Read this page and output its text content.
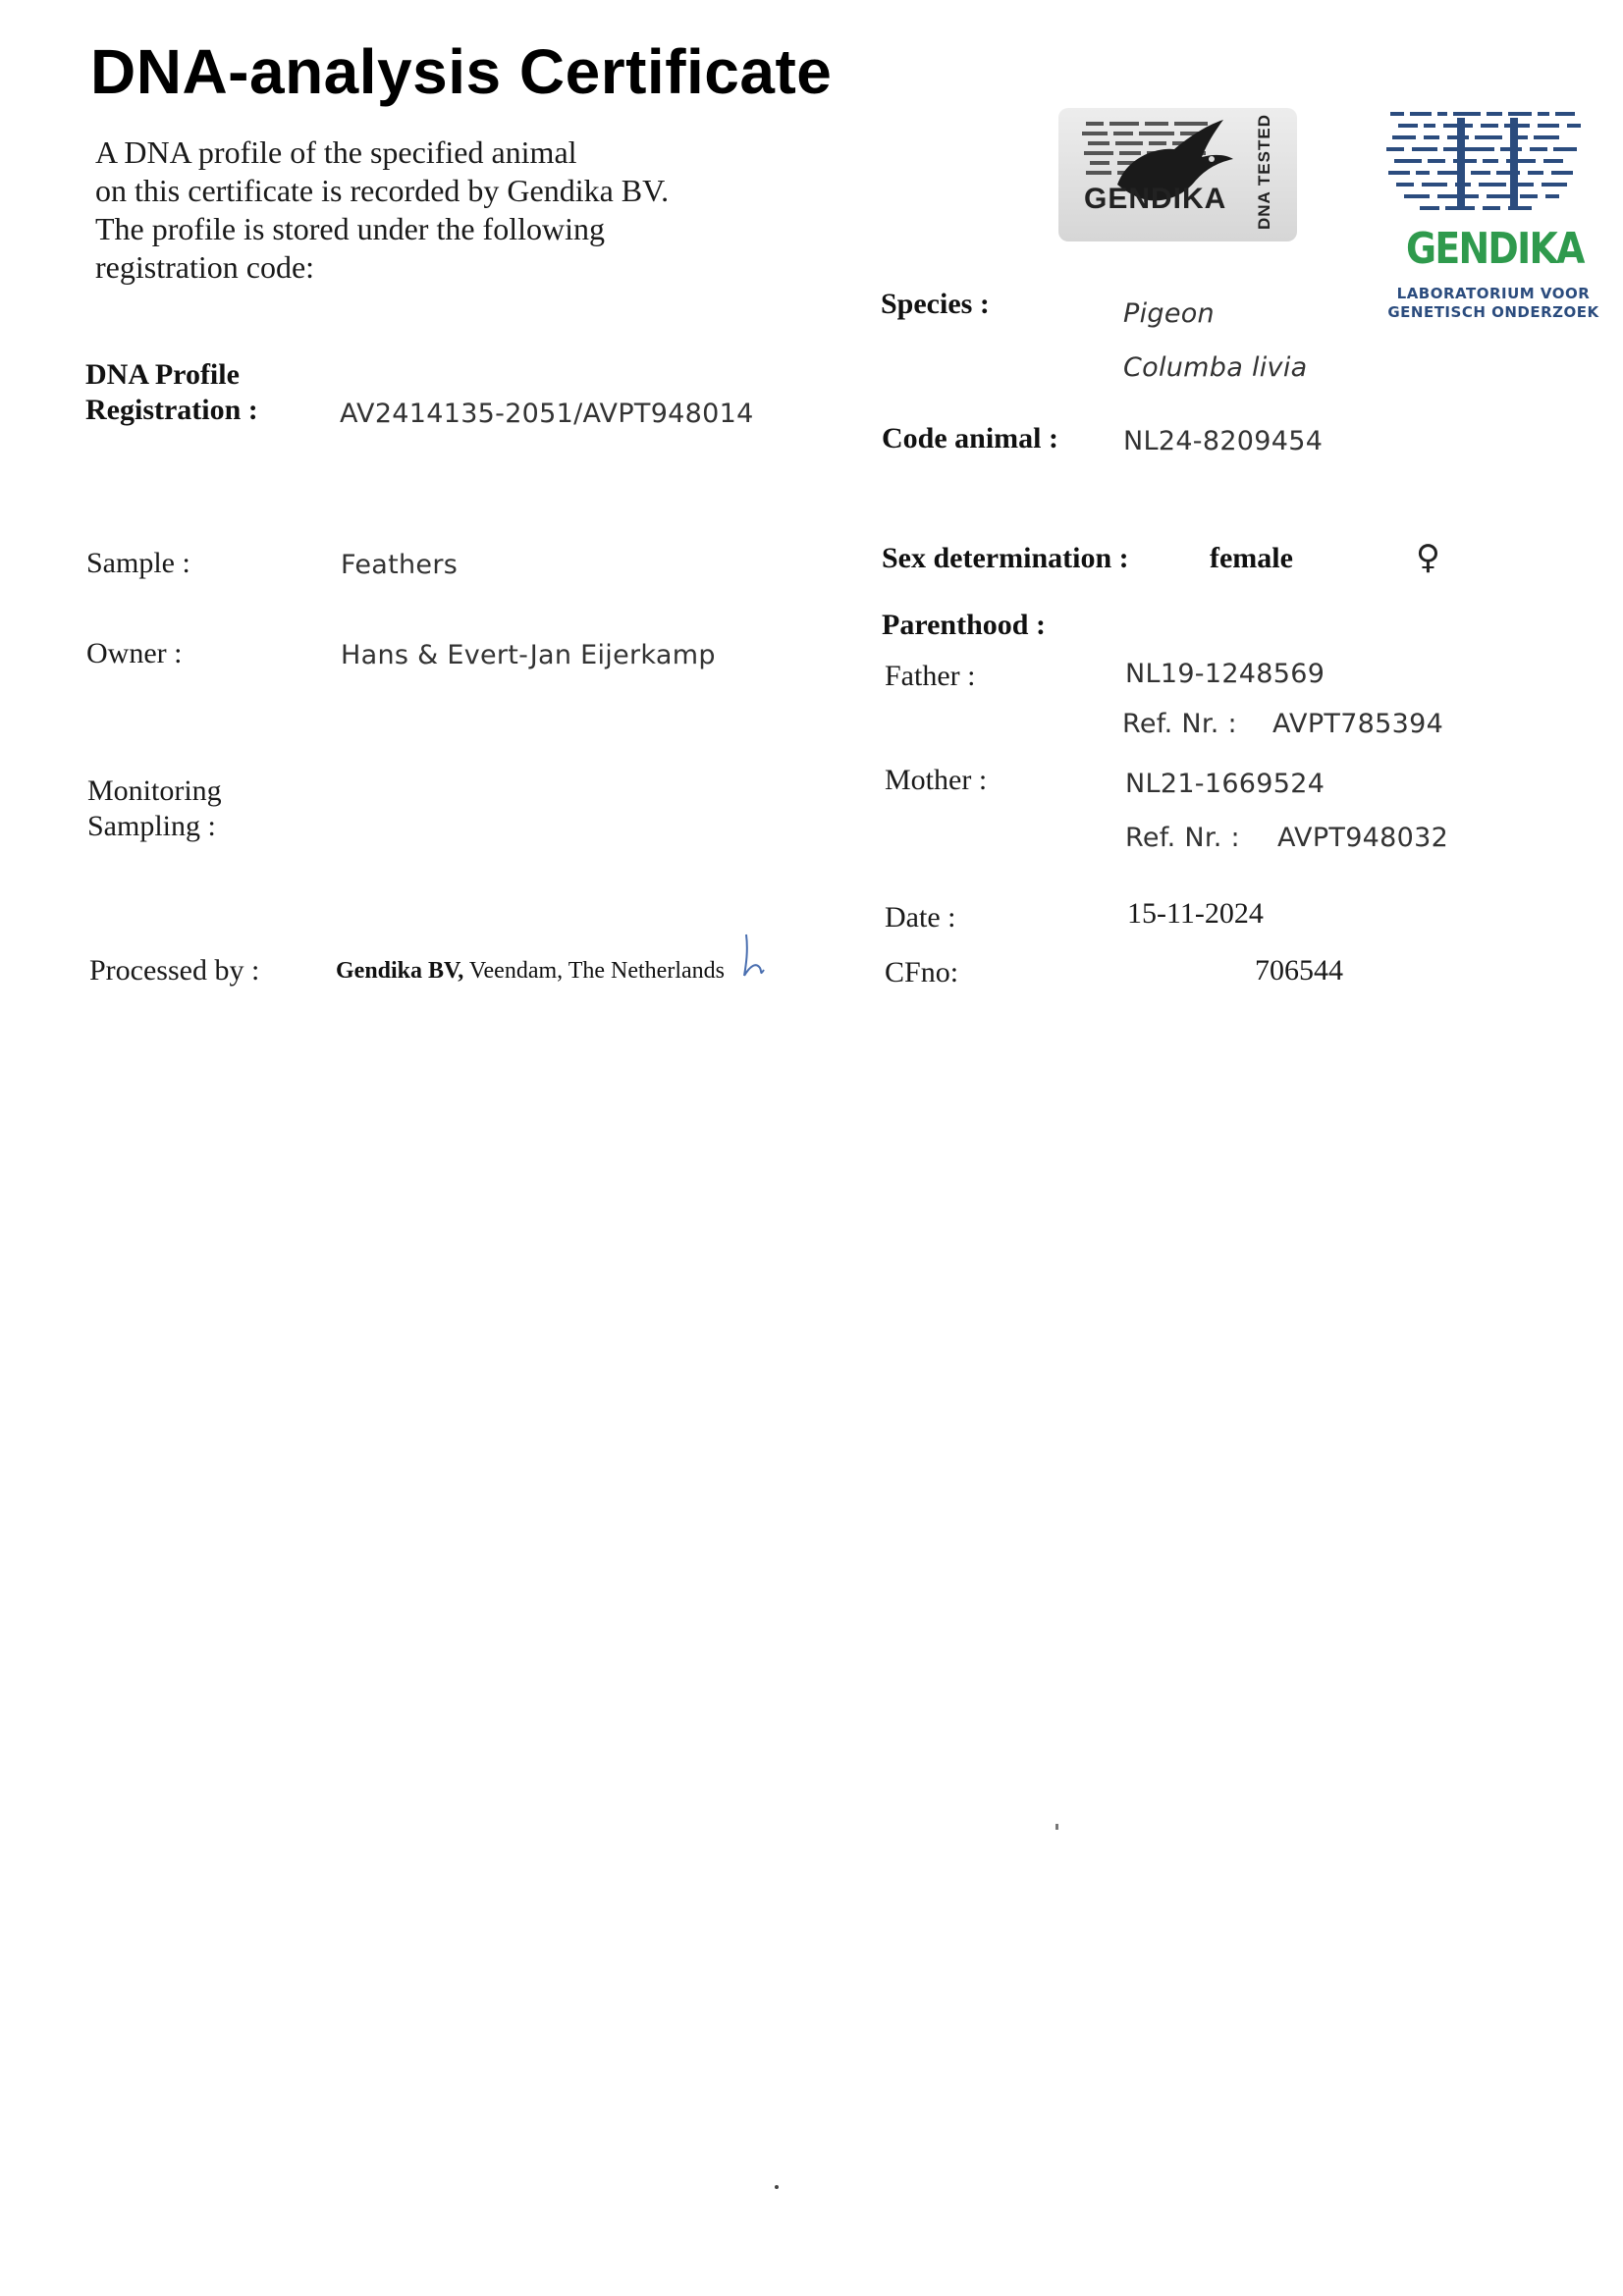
DNA-analysis Certificate
A DNA profile of the specified animal
on this certificate is recorded by Gendika BV.
The profile is stored under the following
registration code:
GENDIKA DNA TESTED
GENDIKA
LABORATORIUM VOOR
GENETISCH ONDERZOEK
DNA Profile
Registration :	AV2414135-2051/AVPT948014
Sample :	Feathers
Owner :	Hans & Evert-Jan Eijerkamp
Monitoring
Sampling :
Processed by :	Gendika BV, Veendam, The Netherlands
Species :	Pigeon
Columba livia
Code animal : NL24-8209454
Sex determination :	female	♀
Parenthood :
Father :	NL19-1248569
Ref. Nr. : AVPT785394
Mother :	NL21-1669524
Ref. Nr. : AVPT948032
Date :	15-11-2024
CFno:	706544
